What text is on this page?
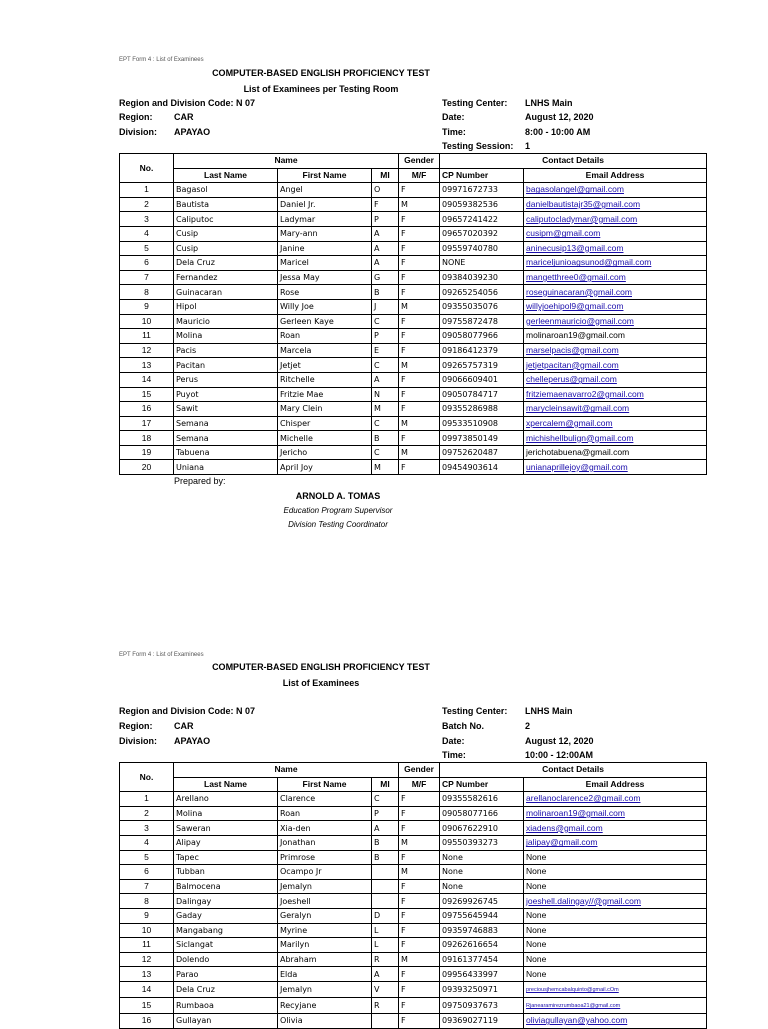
EPT Form 4 : List of Examinees
COMPUTER-BASED ENGLISH PROFICIENCY TEST
List of Examinees per Testing Room
Region and Division Code: N 07
Region: CAR
Division: APAYAO
Testing Center: LNHS Main
Date:	August 12, 2020
Time:	8:00 - 10:00 AM
Testing Session: 1
No.	Name			Gender	Contact Details	
	Last Name	First Name	MI	M/F	CP Number	Email Address
1	Bagasol	Angel	O	F	09971672733	bagasolangel@gmail.com
2	Bautista	Daniel Jr.	F	M	09059382536	danielbautistajr35@gmail.com
3	Caliputoc	Ladymar	P	F	09657241422	caliputocladymar@gmail.com
4	Cusip	Mary-ann	A	F	09657020392	cusipm@gmail.com
5	Cusip	Janine	A	F	09559740780	aninecusip13@gmail.com
6	Dela Cruz	Maricel	A	F	NONE	mariceljunioagsunod@gmail.com
7	Fernandez	Jessa May	G	F	09384039230	mangetthree0@gmail.com
8	Guinacaran	Rose	B	F	09265254056	roseguinacaran@gmail.com
9	Hipol	Willy Joe	J	M	09355035076	willyjoehipol9@gmail.com
10	Mauricio	Gerleen Kaye	C	F	09755872478	gerleenmauricio@gmail.com
11	Molina	Roan	P	F	09058077966	molinaroan19@gmail.com
12	Pacis	Marcela	E	F	09186412379	marselpacis@gmail.com
13	Pacitan	Jetjet	C	M	09265757319	jetjetpacitan@gmail.com
14	Perus	Ritchelle	A	F	09066609401	chelleperus@gmail.com
15	Puyot	Fritzie Mae	N	F	09050784717	fritziemaenavarro2@gmail.com
16	Sawit	Mary Clein	M	F	09355286988	marycleinsawit@gmail.com
17	Semana	Chisper	C	M	09533510908	xpercalem@gmail.com
18	Semana	Michelle	B	F	09973850149	michishellbulign@gmail.com
19	Tabuena	Jericho	C	M	09752620487	jerichotabuena@gmail.com
20	Uniana	April Joy	M	F	09454903614	unianaprillejoy@gmail.com
Prepared by:
ARNOLD A. TOMAS
Education Program Supervisor
Division Testing Coordinator
EPT Form 4 : List of Examinees
COMPUTER-BASED ENGLISH PROFICIENCY TEST
List of Examinees
Region and Division Code: N 07
Region: CAR
Division: APAYAO
Testing Center: LNHS Main
Batch No.	2
Date:	August 12, 2020
Time:	10:00 - 12:00AM
No.	Name			Gender	Contact Details	
	Last Name	First Name	MI	M/F	CP Number	Email Address
1	Arellano	Clarence	C	F	09355582616	arellanoclarence2@gmail.com
2	Molina	Roan	P	F	09058077166	molinaroan19@gmail.com
3	Saweran	Xia-den	A	F	09067622910	xiadens@gmail.com
4	Alipay	Jonathan	B	M	09550393273	jalipay@gmail.com
5	Tapec	Primrose	B	F	None	None
6	Tubban	Ocampo Jr		M	None	None
7	Balmocena	Jemalyn		F	None	None
8	Dalingay	Joeshell		F	09269926745	joeshell.dalingay//@gmail.com
9	Gaday	Geralyn	D	F	09755645944	None
10	Mangabang	Myrine	L	F	09359746883	None
11	Siclangat	Marilyn	L	F	09262616654	None
12	Dolendo	Abraham	R	M	09161377454	None
13	Parao	Elda	A	F	09956433997	None
14	Dela Cruz	Jemalyn	V	F	09393250971	preciousjhemcabalquinto@gmail.cOm
15	Rumbaoa	Recyjane	R	F	09750937673	Rjanearamirezrumbaoa21@gmail.com
16	Gullayan	Olivia		F	09369027119	oliviagullayan@yahoo.com
